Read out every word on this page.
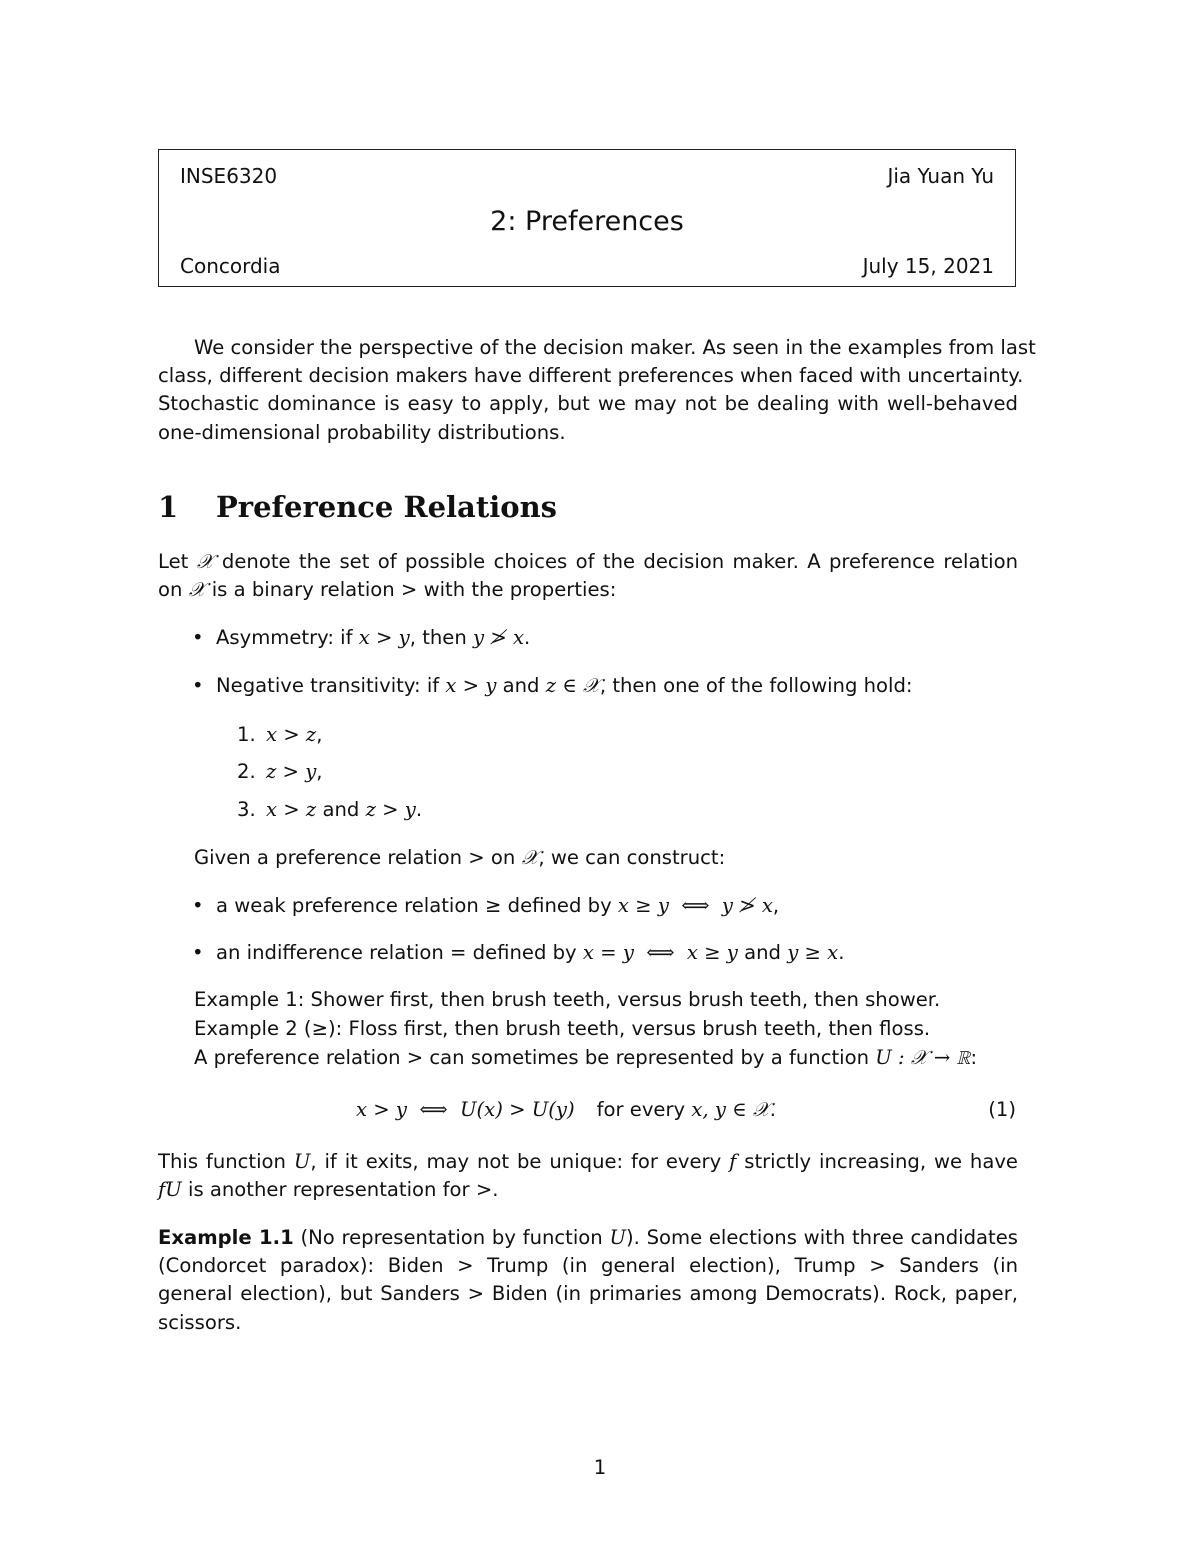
INSE6320	Jia Yuan Yu
2: Preferences
Concordia	July 15, 2021
We consider the perspective of the decision maker. As seen in the examples from last
class, different decision makers have different preferences when faced with uncertainty.
Stochastic dominance is easy to apply, but we may not be dealing with well-behaved
one-dimensional probability distributions.
1 Preference Relations
Let 𝒳 denote the set of possible choices of the decision maker. A preference relation
on 𝒳 is a binary relation > with the properties:
• Asymmetry: if x > y, then y ≯ x.
• Negative transitivity: if x > y and z ∈ 𝒳, then one of the following hold:
1. x > z,
2. z > y,
3. x > z and z > y.
Given a preference relation > on 𝒳, we can construct:
• a weak preference relation ≥ defined by x ≥ y  ⟺  y ≯ x,
• an indifference relation = defined by x = y  ⟺  x ≥ y and y ≥ x.
Example 1: Shower first, then brush teeth, versus brush teeth, then shower.
Example 2 (≥): Floss first, then brush teeth, versus brush teeth, then floss.
A preference relation > can sometimes be represented by a function U : 𝒳 → ℝ:
x > y  ⟺  U(x) > U(y) for every x, y ∈ 𝒳.	(1)
This function U, if it exits, may not be unique: for every f strictly increasing, we have
fU is another representation for >.
Example 1.1 (No representation by function U). Some elections with three candidates
(Condorcet paradox): Biden > Trump (in general election), Trump > Sanders (in
general election), but Sanders > Biden (in primaries among Democrats). Rock, paper,
scissors.
1
